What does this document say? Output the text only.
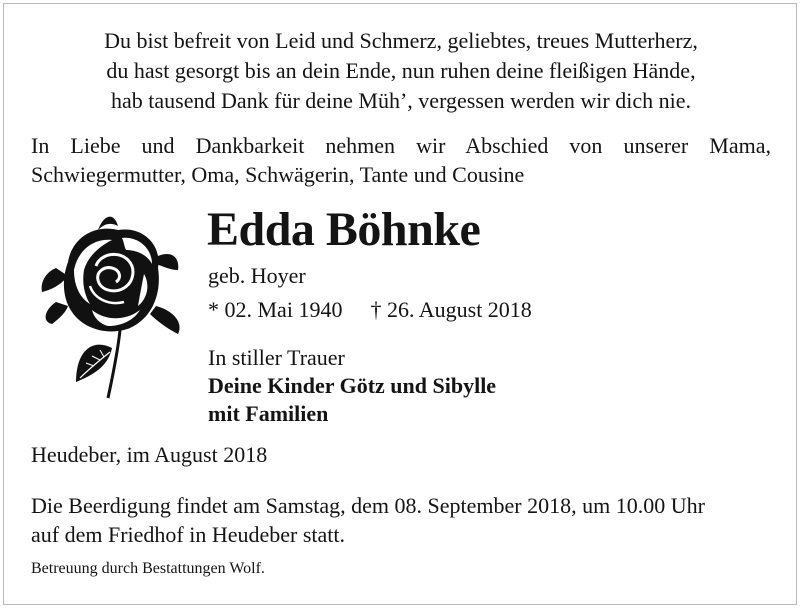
Du bist befreit von Leid und Schmerz, geliebtes, treues Mutterherz,
du hast gesorgt bis an dein Ende, nun ruhen deine fleißigen Hände,
hab tausend Dank für deine Müh’, vergessen werden wir dich nie.
In Liebe und Dankbarkeit nehmen wir Abschied von unserer Mama,
Schwiegermutter, Oma, Schwägerin, Tante und Cousine
Edda Böhnke
geb. Hoyer
* 02. Mai 1940 † 26. August 2018
In stiller Trauer
Deine Kinder Götz und Sibylle
mit Familien
Heudeber, im August 2018
Die Beerdigung findet am Samstag, dem 08. September 2018, um 10.00 Uhr
auf dem Friedhof in Heudeber statt.
Betreuung durch Bestattungen Wolf.
